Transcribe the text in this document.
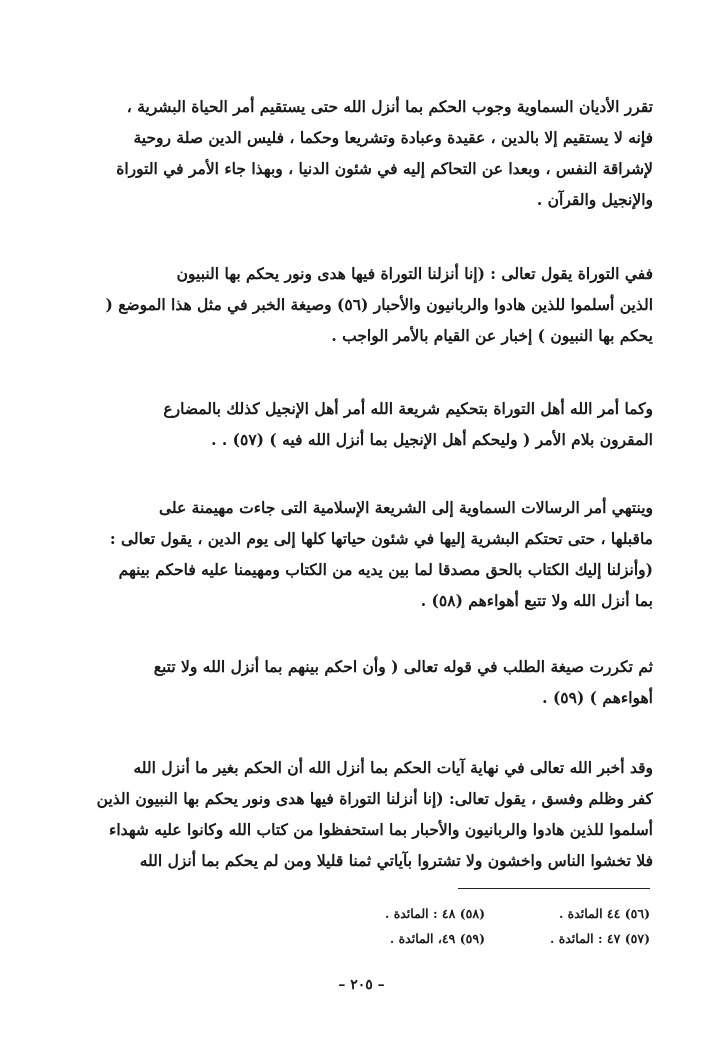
تقرر الأديان السماوية وجوب الحكم بما أنزل الله حتى يستقيم أمر الحياة البشرية ،
فإنه لا يستقيم إلا بالدين ، عقيدة وعبادة وتشريعا وحكما ، فليس الدين صلة روحية
لإشراقة النفس ، وبعدا عن التحاكم إليه في شئون الدنيا ، وبهذا جاء الأمر في التوراة
والإنجيل والقرآن .
ففي التوراة يقول تعالى : (إنا أنزلنا التوراة فيها هدى ونور يحكم بها النبيون
الذين أسلموا للذين هادوا والربانيون والأحبار (٥٦) وصيغة الخبر في مثل هذا الموضع (
يحكم بها النبيون ) إخبار عن القيام بالأمر الواجب .
وكما أمر الله أهل التوراة بتحكيم شريعة الله أمر أهل الإنجيل كذلك بالمضارع
المقرون بلام الأمر ( وليحكم أهل الإنجيل بما أنزل الله فيه ) (٥٧) . .
وينتهي أمر الرسالات السماوية إلى الشريعة الإسلامية التى جاءت مهيمنة على
ماقبلها ، حتى تحتكم البشرية إليها في شئون حياتها كلها إلى يوم الدين ، يقول تعالى :
(وأنزلنا إليك الكتاب بالحق مصدقا لما بين يديه من الكتاب ومهيمنا عليه فاحكم بينهم
بما أنزل الله ولا تتبع أهواءهم (٥٨) .
ثم تكررت صيغة الطلب في قوله تعالى ( وأن احكم بينهم بما أنزل الله ولا تتبع
أهواءهم ) (٥٩) .
وقد أخبر الله تعالى في نهاية آيات الحكم بما أنزل الله أن الحكم بغير ما أنزل الله
كفر وظلم وفسق ، يقول تعالى: (إنا أنزلنا التوراة فيها هدى ونور يحكم بها النبيون الذين
أسلموا للذين هادوا والربانيون والأحبار بما استحفظوا من كتاب الله وكانوا عليه شهداء
فلا تخشوا الناس واخشون ولا تشتروا بآياتي ثمنا قليلا ومن لم يحكم بما أنزل الله
(٥٦) ٤٤ المائدة .
(٥٧) ٤٧ : المائدة .
(٥٨) ٤٨ : المائدة .
(٥٩) ٤٩، المائدة .
– ٢٠٥ –
